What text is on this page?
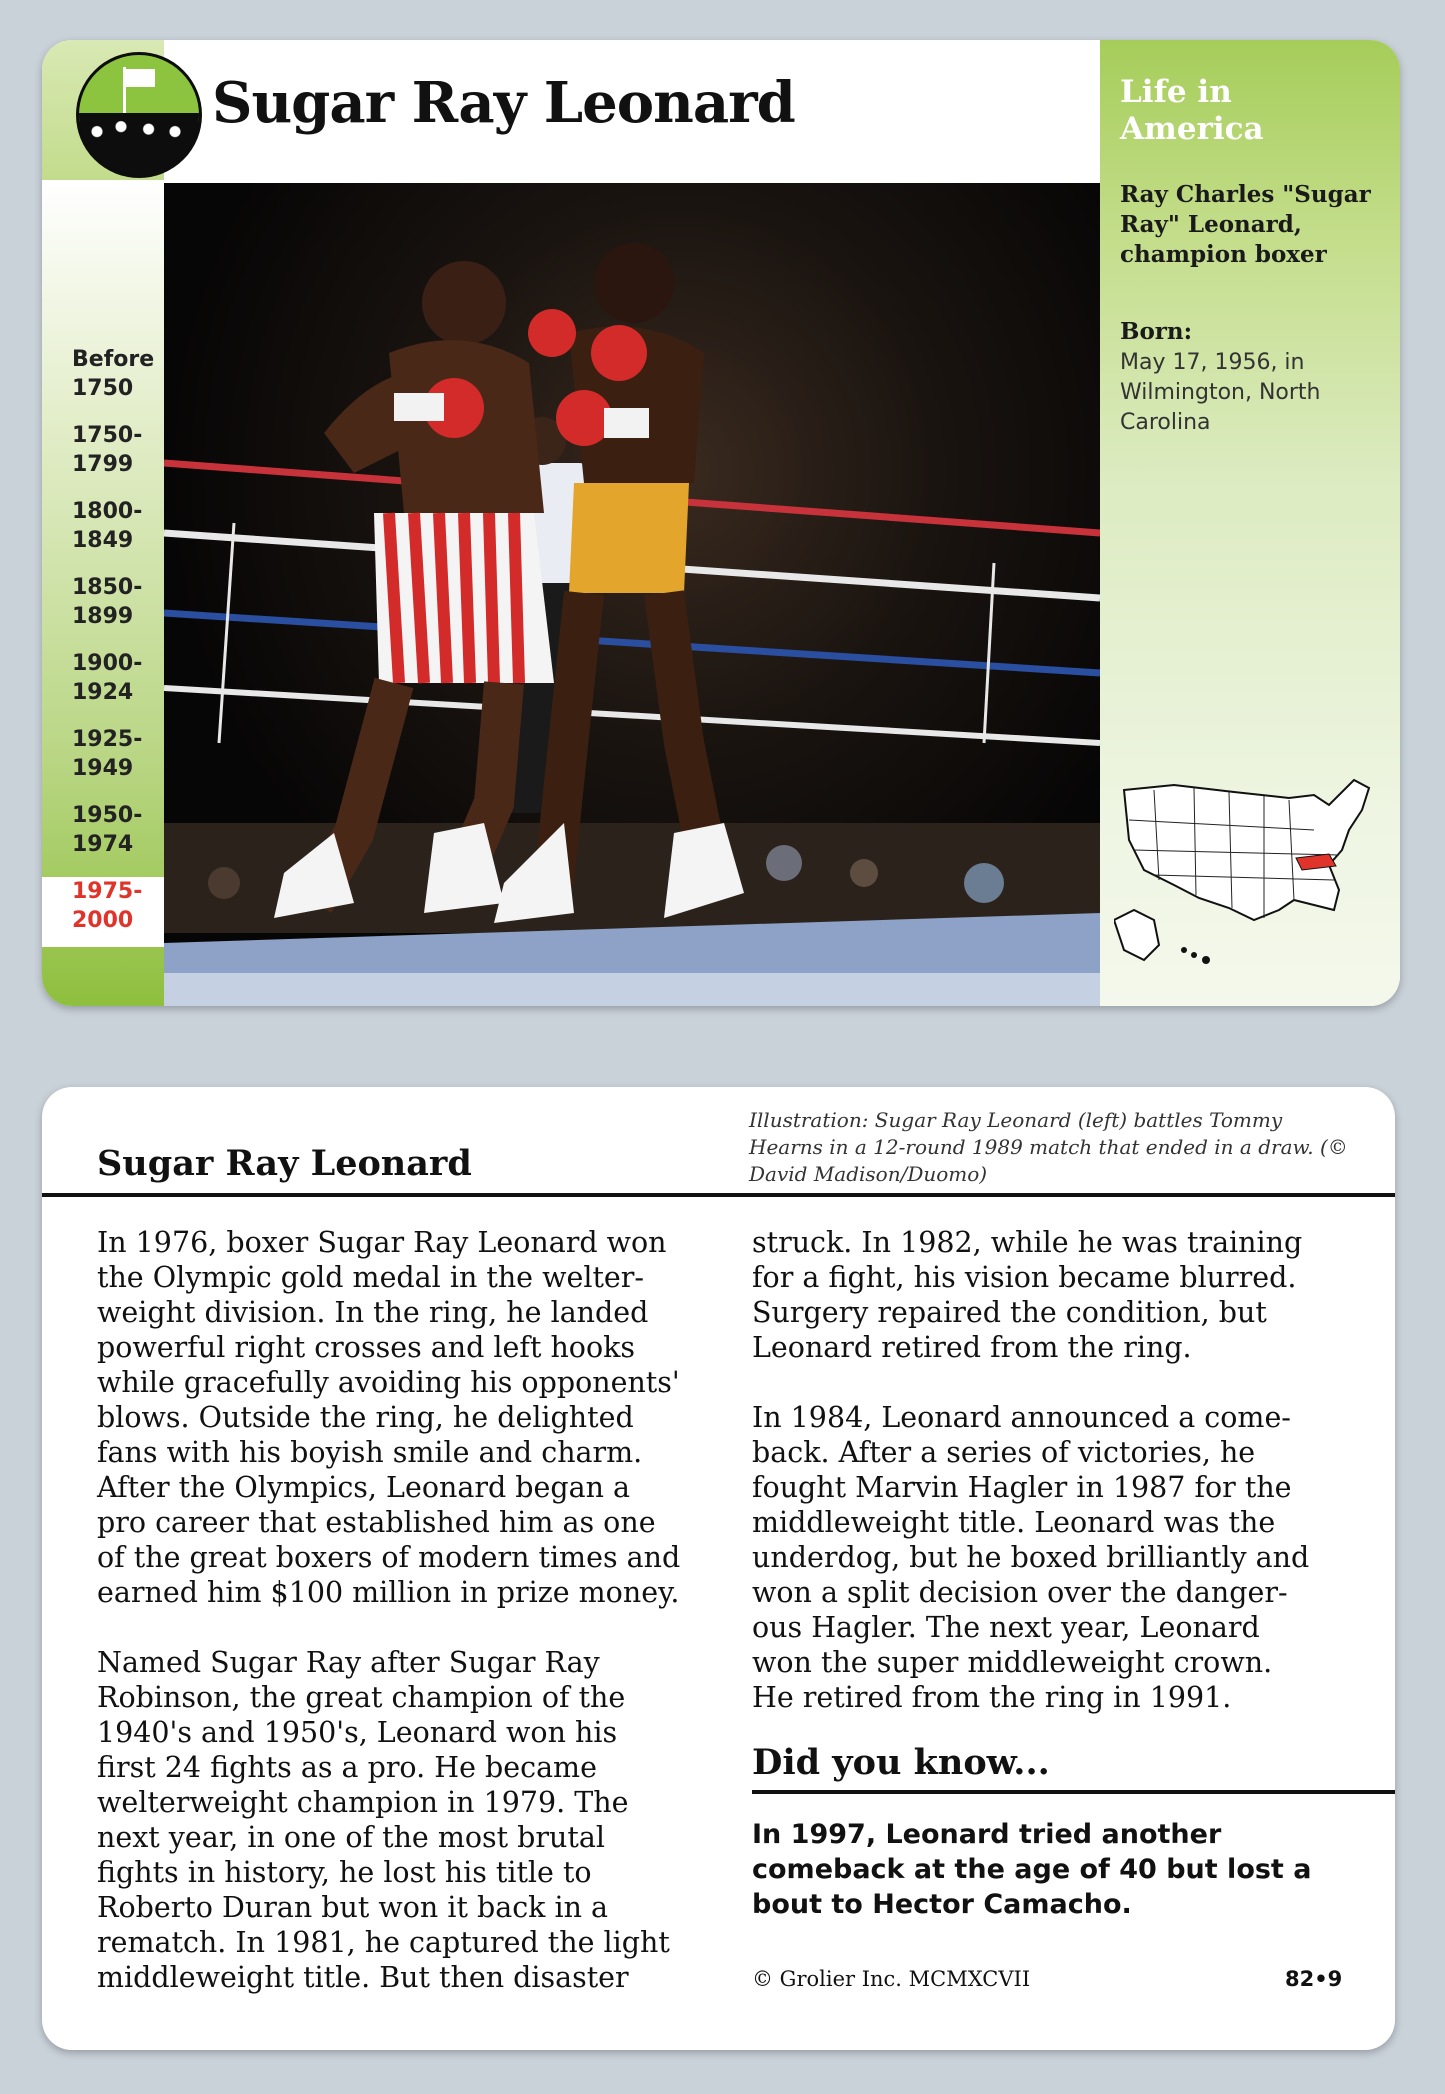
Sugar Ray Leonard
Before
1750
1750-
1799
1800-
1849
1850-
1899
1900-
1924
1925-
1949
1950-
1974
1975-
2000
Life in America
Ray Charles "Sugar Ray" Leonard, champion boxer
Born:
May 17, 1956, in Wilmington, North Carolina
Sugar Ray Leonard
Illustration: Sugar Ray Leonard (left) battles Tommy Hearns in a 12-round 1989 match that ended in a draw. (© David Madison/Duomo)

In 1976, boxer Sugar Ray Leonard won
the Olympic gold medal in the welter-
weight division. In the ring, he landed
powerful right crosses and left hooks
while gracefully avoiding his opponents'
blows. Outside the ring, he delighted
fans with his boyish smile and charm.
After the Olympics, Leonard began a
pro career that established him as one
of the great boxers of modern times and
earned him $100 million in prize money.

Named Sugar Ray after Sugar Ray
Robinson, the great champion of the
1940's and 1950's, Leonard won his
first 24 fights as a pro. He became
welterweight champion in 1979. The
next year, in one of the most brutal
fights in history, he lost his title to
Roberto Duran but won it back in a
rematch. In 1981, he captured the light
middleweight title. But then disaster

struck. In 1982, while he was training
for a fight, his vision became blurred.
Surgery repaired the condition, but
Leonard retired from the ring.

In 1984, Leonard announced a come-
back. After a series of victories, he
fought Marvin Hagler in 1987 for the
middleweight title. Leonard was the
underdog, but he boxed brilliantly and
won a split decision over the danger-
ous Hagler. The next year, Leonard
won the super middleweight crown.
He retired from the ring in 1991.

Did you know...
In 1997, Leonard tried another
comeback at the age of 40 but lost a
bout to Hector Camacho.
© Grolier Inc. MCMXCVII	82•9
